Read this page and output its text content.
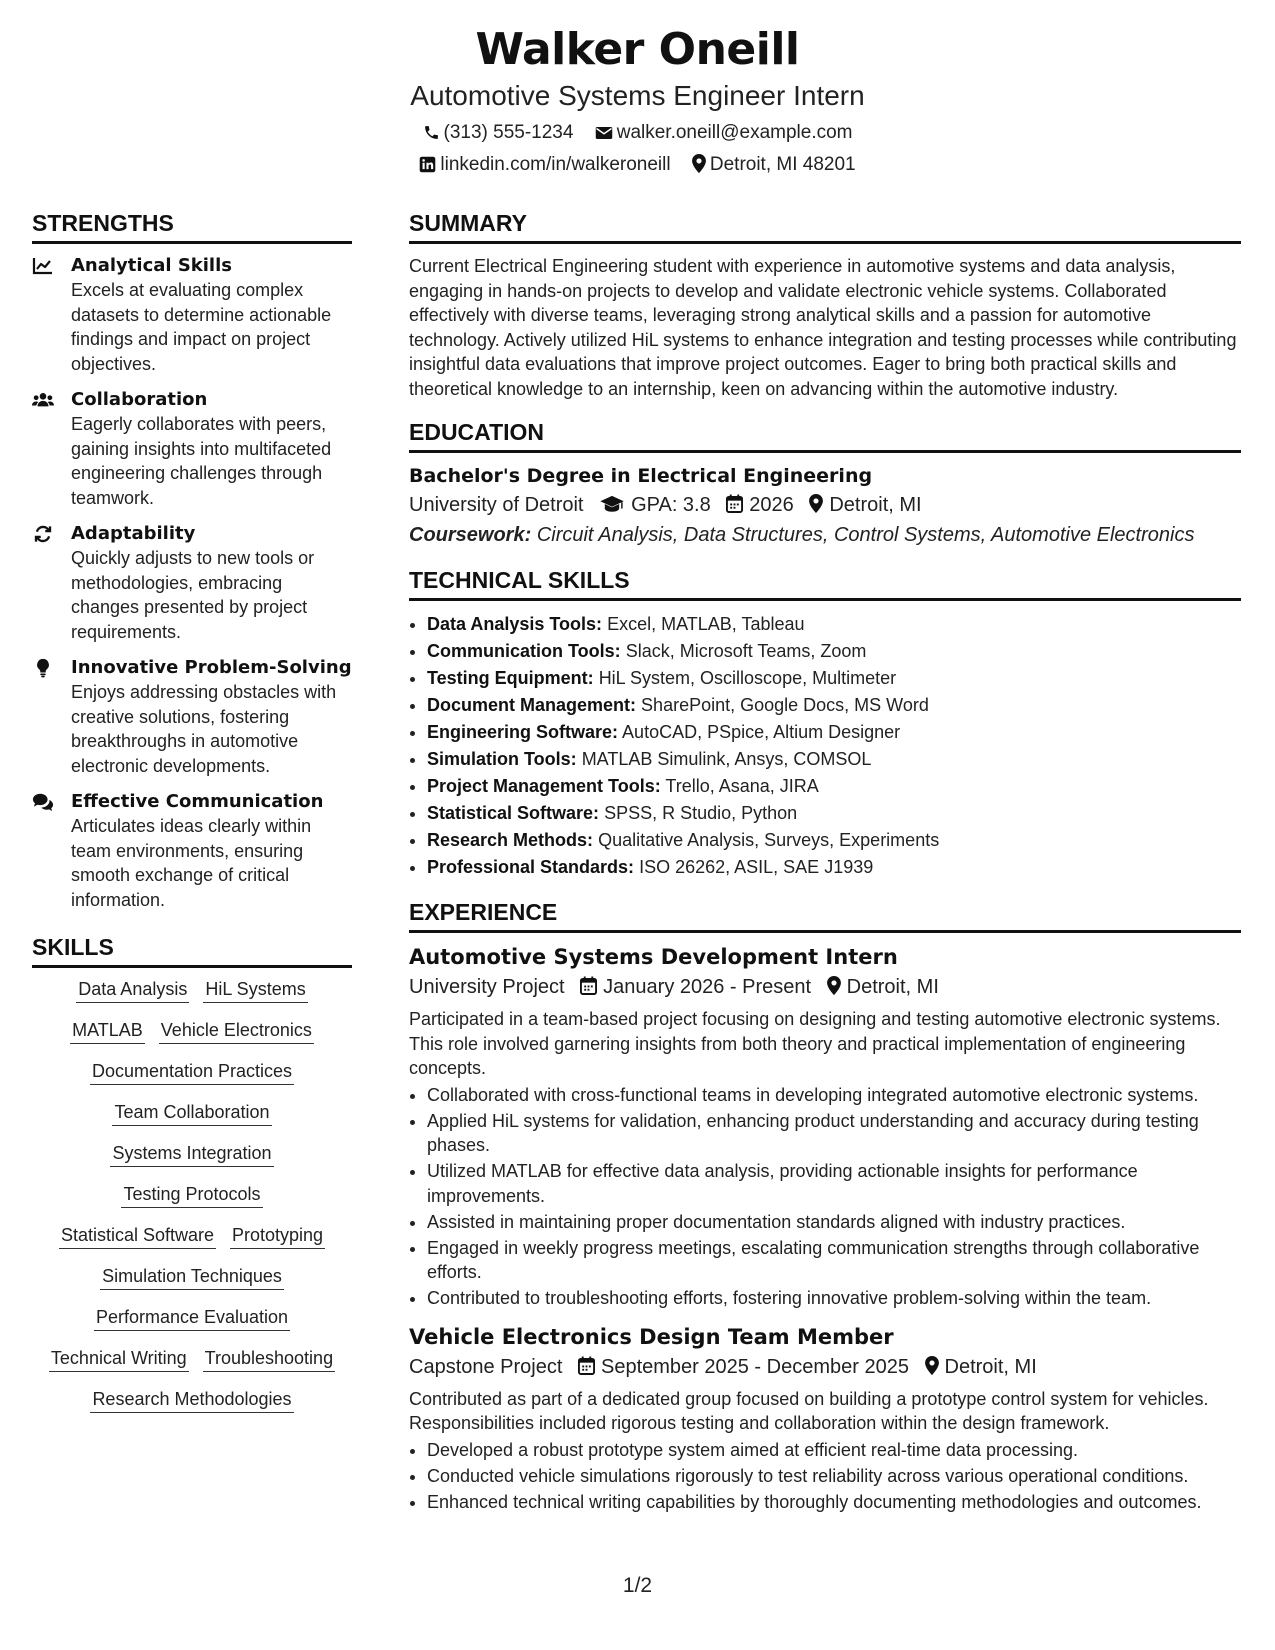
Walker Oneill
Automotive Systems Engineer Intern
(313) 555-1234 walker.oneill@example.com
linkedin.com/in/walkeroneill Detroit, MI 48201
STRENGTHS
Analytical Skills
Excels at evaluating complex datasets to determine actionable findings and impact on project objectives.
Collaboration
Eagerly collaborates with peers, gaining insights into multifaceted engineering challenges through teamwork.
Adaptability
Quickly adjusts to new tools or methodologies, embracing changes presented by project requirements.
Innovative Problem-Solving
Enjoys addressing obstacles with creative solutions, fostering breakthroughs in automotive electronic developments.
Effective Communication
Articulates ideas clearly within team environments, ensuring smooth exchange of critical information.
SKILLS
Data Analysis HiL Systems
MATLAB Vehicle Electronics
Documentation Practices
Team Collaboration
Systems Integration
Testing Protocols
Statistical Software Prototyping
Simulation Techniques
Performance Evaluation
Technical Writing Troubleshooting
Research Methodologies
SUMMARY
Current Electrical Engineering student with experience in automotive systems and data analysis, engaging in hands-on projects to develop and validate electronic vehicle systems. Collaborated effectively with diverse teams, leveraging strong analytical skills and a passion for automotive technology. Actively utilized HiL systems to enhance integration and testing processes while contributing insightful data evaluations that improve project outcomes. Eager to bring both practical skills and theoretical knowledge to an internship, keen on advancing within the automotive industry.
EDUCATION
Bachelor's Degree in Electrical Engineering
University of Detroit GPA: 3.8 2026 Detroit, MI
Coursework: Circuit Analysis, Data Structures, Control Systems, Automotive Electronics
TECHNICAL SKILLS
• Data Analysis Tools: Excel, MATLAB, Tableau
• Communication Tools: Slack, Microsoft Teams, Zoom
• Testing Equipment: HiL System, Oscilloscope, Multimeter
• Document Management: SharePoint, Google Docs, MS Word
• Engineering Software: AutoCAD, PSpice, Altium Designer
• Simulation Tools: MATLAB Simulink, Ansys, COMSOL
• Project Management Tools: Trello, Asana, JIRA
• Statistical Software: SPSS, R Studio, Python
• Research Methods: Qualitative Analysis, Surveys, Experiments
• Professional Standards: ISO 26262, ASIL, SAE J1939
EXPERIENCE
Automotive Systems Development Intern
University Project January 2026 - Present Detroit, MI
Participated in a team-based project focusing on designing and testing automotive electronic systems. This role involved garnering insights from both theory and practical implementation of engineering concepts.
• Collaborated with cross-functional teams in developing integrated automotive electronic systems.
• Applied HiL systems for validation, enhancing product understanding and accuracy during testing phases.
• Utilized MATLAB for effective data analysis, providing actionable insights for performance improvements.
• Assisted in maintaining proper documentation standards aligned with industry practices.
• Engaged in weekly progress meetings, escalating communication strengths through collaborative efforts.
• Contributed to troubleshooting efforts, fostering innovative problem-solving within the team.
Vehicle Electronics Design Team Member
Capstone Project September 2025 - December 2025 Detroit, MI
Contributed as part of a dedicated group focused on building a prototype control system for vehicles. Responsibilities included rigorous testing and collaboration within the design framework.
• Developed a robust prototype system aimed at efficient real-time data processing.
• Conducted vehicle simulations rigorously to test reliability across various operational conditions.
• Enhanced technical writing capabilities by thoroughly documenting methodologies and outcomes.
1/2
